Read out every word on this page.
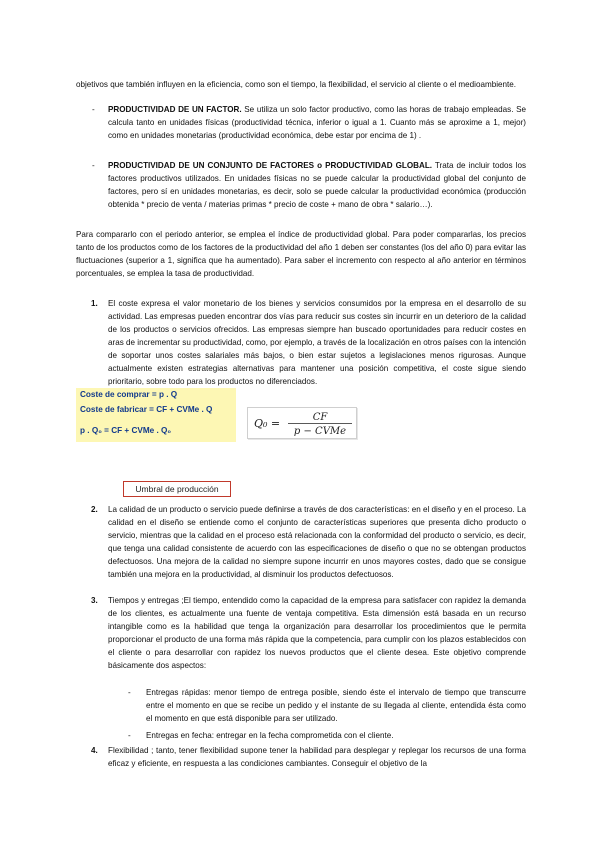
objetivos que también influyen en la eficiencia, como son el tiempo, la flexibilidad, el servicio al cliente o el medioambiente.

- PRODUCTIVIDAD DE UN FACTOR. Se utiliza un solo factor productivo, como las horas de trabajo empleadas. Se calcula tanto en unidades físicas (productividad técnica, inferior o igual a 1. Cuanto más se aproxime a 1, mejor) como en unidades monetarias (productividad económica, debe estar por encima de 1) .

- PRODUCTIVIDAD DE UN CONJUNTO DE FACTORES o PRODUCTIVIDAD GLOBAL. Trata de incluir todos los factores productivos utilizados. En unidades físicas no se puede calcular la productividad global del conjunto de factores, pero sí en unidades monetarias, es decir, solo se puede calcular la productividad económica (producción obtenida * precio de venta / materias primas * precio de coste + mano de obra * salario…).

Para compararlo con el periodo anterior, se emplea el índice de productividad global. Para poder compararlas, los precios tanto de los productos como de los factores de la productividad del año 1 deben ser constantes (los del año 0) para evitar las fluctuaciones (superior a 1, significa que ha aumentado). Para saber el incremento con respecto al año anterior en términos porcentuales, se emplea la tasa de productividad.

1. El coste expresa el valor monetario de los bienes y servicios consumidos por la empresa en el desarrollo de su actividad. Las empresas pueden encontrar dos vías para reducir sus costes sin incurrir en un deterioro de la calidad de los productos o servicios ofrecidos. Las empresas siempre han buscado oportunidades para reducir costes en aras de incrementar su productividad, como, por ejemplo, a través de la localización en otros países con la intención de soportar unos costes salariales más bajos, o bien estar sujetos a legislaciones menos rigurosas. Aunque actualmente existen estrategias alternativas para mantener una posición competitiva, el coste sigue siendo prioritario, sobre todo para los productos no diferenciados.

Coste de comprar = p . Q
Coste de fabricar = CF + CVMe . Q
p . Q₀ = CF + CVMe . Q₀
Q₀ =	CF
p − CVMe
Umbral de producción
2. La calidad de un producto o servicio puede definirse a través de dos características: en el diseño y en el proceso. La calidad en el diseño se entiende como el conjunto de características superiores que presenta dicho producto o servicio, mientras que la calidad en el proceso está relacionada con la conformidad del producto o servicio, es decir, que tenga una calidad consistente de acuerdo con las especificaciones de diseño o que no se obtengan productos defectuosos. Una mejora de la calidad no siempre supone incurrir en unos mayores costes, dado que se consigue también una mejora en la productividad, al disminuir los productos defectuosos.

3. Tiempos y entregas ;El tiempo, entendido como la capacidad de la empresa para satisfacer con rapidez la demanda de los clientes, es actualmente una fuente de ventaja competitiva. Esta dimensión está basada en un recurso intangible como es la habilidad que tenga la organización para desarrollar los procedimientos que le permita proporcionar el producto de una forma más rápida que la competencia, para cumplir con los plazos establecidos con el cliente o para desarrollar con rapidez los nuevos productos que el cliente desea. Este objetivo comprende básicamente dos aspectos:

- Entregas rápidas: menor tiempo de entrega posible, siendo éste el intervalo de tiempo que transcurre entre el momento en que se recibe un pedido y el instante de su llegada al cliente, entendida ésta como el momento en que está disponible para ser utilizado.

- Entregas en fecha: entregar en la fecha comprometida con el cliente.

4. Flexibilidad ; tanto, tener flexibilidad supone tener la habilidad para desplegar y replegar los recursos de una forma eficaz y eficiente, en respuesta a las condiciones cambiantes. Conseguir el objetivo de la
